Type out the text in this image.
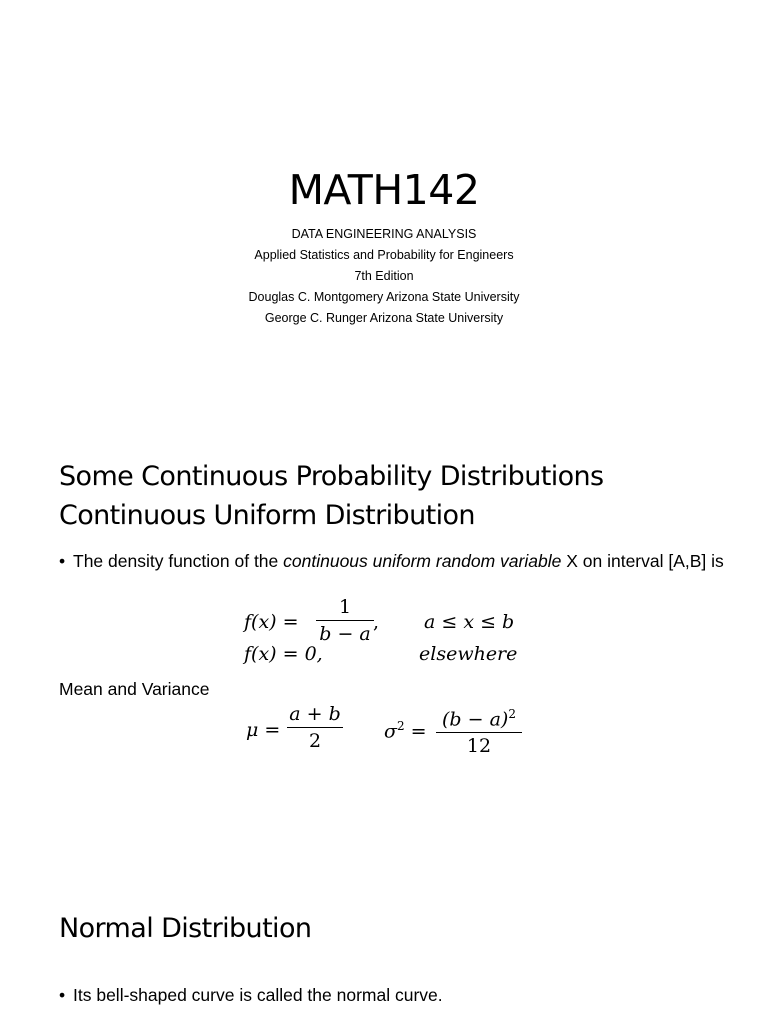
MATH142
DATA ENGINEERING ANALYSIS
Applied Statistics and Probability for Engineers
7th Edition
Douglas C. Montgomery Arizona State University
George C. Runger Arizona State University
Some Continuous Probability Distributions
Continuous Uniform Distribution
• The density function of the continuous uniform random variable X on interval [A,B] is
f(x) =
1
b − a
, a ≤ x ≤ b
f(x) = 0,	elsewhere
Mean and Variance
μ =
a + b
2	$\sigma^2$ =
$(b - a)^2$
12
Normal Distribution
• Its bell-shaped curve is called the normal curve.
